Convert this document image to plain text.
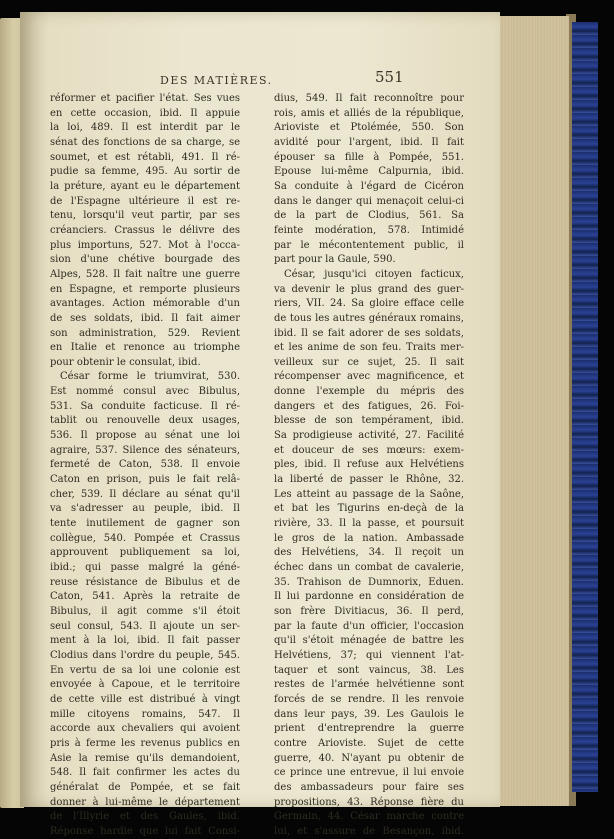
DES MATIÈRES.	551
réformer et pacifier l'état. Ses vues
en cette occasion, ibid. Il appuie
la loi, 489. Il est interdit par le
sénat des fonctions de sa charge, se
soumet, et est rétabli, 491. Il ré-
pudie sa femme, 495. Au sortir de
la préture, ayant eu le département
de l'Espagne ultérieure il est re-
tenu, lorsqu'il veut partir, par ses
créanciers. Crassus le délivre des
plus importuns, 527. Mot à l'occa-
sion d'une chétive bourgade des
Alpes, 528. Il fait naître une guerre
en Espagne, et remporte plusieurs
avantages. Action mémorable d'un
de ses soldats, ibid. Il fait aimer
son administration, 529. Revient
en Italie et renonce au triomphe
pour obtenir le consulat, ibid.
César forme le triumvirat, 530.
Est nommé consul avec Bibulus,
531. Sa conduite facticuse. Il ré-
tablit ou renouvelle deux usages,
536. Il propose au sénat une loi
agraire, 537. Silence des sénateurs,
fermeté de Caton, 538. Il envoie
Caton en prison, puis le fait relâ-
cher, 539. Il déclare au sénat qu'il
va s'adresser au peuple, ibid. Il
tente inutilement de gagner son
collègue, 540. Pompée et Crassus
approuvent publiquement sa loi,
ibid.; qui passe malgré la géné-
reuse résistance de Bibulus et de
Caton, 541. Après la retraite de
Bibulus, il agit comme s'il étoit
seul consul, 543. Il ajoute un ser-
ment à la loi, ibid. Il fait passer
Clodius dans l'ordre du peuple, 545.
En vertu de sa loi une colonie est
envoyée à Capoue, et le territoire
de cette ville est distribué à vingt
mille citoyens romains, 547. Il
accorde aux chevaliers qui avoient
pris à ferme les revenus publics en
Asie la remise qu'ils demandoient,
548. Il fait confirmer les actes du
généralat de Pompée, et se fait
donner à lui-même le département
de l'Illyrie et des Gaules, ibid.
Réponse hardie que lui fait Consi-
dius, 549. Il fait reconnoître pour
rois, amis et alliés de la république,
Arioviste et Ptolémée, 550. Son
avidité pour l'argent, ibid. Il fait
épouser sa fille à Pompée, 551.
Epouse lui-même Calpurnia, ibid.
Sa conduite à l'égard de Cicéron
dans le danger qui menaçoit celui-ci
de la part de Clodius, 561. Sa
feinte modération, 578. Intimidé
par le mécontentement public, il
part pour la Gaule, 590.
César, jusqu'ici citoyen facticux,
va devenir le plus grand des guer-
riers, VII. 24. Sa gloire efface celle
de tous les autres généraux romains,
ibid. Il se fait adorer de ses soldats,
et les anime de son feu. Traits mer-
veilleux sur ce sujet, 25. Il sait
récompenser avec magnificence, et
donne l'exemple du mépris des
dangers et des fatigues, 26. Foi-
blesse de son tempérament, ibid.
Sa prodigieuse activité, 27. Facilité
et douceur de ses mœurs: exem-
ples, ibid. Il refuse aux Helvétiens
la liberté de passer le Rhône, 32.
Les atteint au passage de la Saône,
et bat les Tigurins en-deçà de la
rivière, 33. Il la passe, et poursuit
le gros de la nation. Ambassade
des Helvétiens, 34. Il reçoit un
échec dans un combat de cavalerie,
35. Trahison de Dumnorix, Eduen.
Il lui pardonne en considération de
son frère Divitiacus, 36. Il perd,
par la faute d'un officier, l'occasion
qu'il s'étoit ménagée de battre les
Helvétiens, 37; qui viennent l'at-
taquer et sont vaincus, 38. Les
restes de l'armée helvétienne sont
forcés de se rendre. Il les renvoie
dans leur pays, 39. Les Gaulois le
prient d'entreprendre la guerre
contre Arioviste. Sujet de cette
guerre, 40. N'ayant pu obtenir de
ce prince une entrevue, il lui envoie
des ambassadeurs pour faire ses
propositions, 43. Réponse fière du
Germain, 44. César marche contre
lui, et s'assure de Besançon, ibid.
